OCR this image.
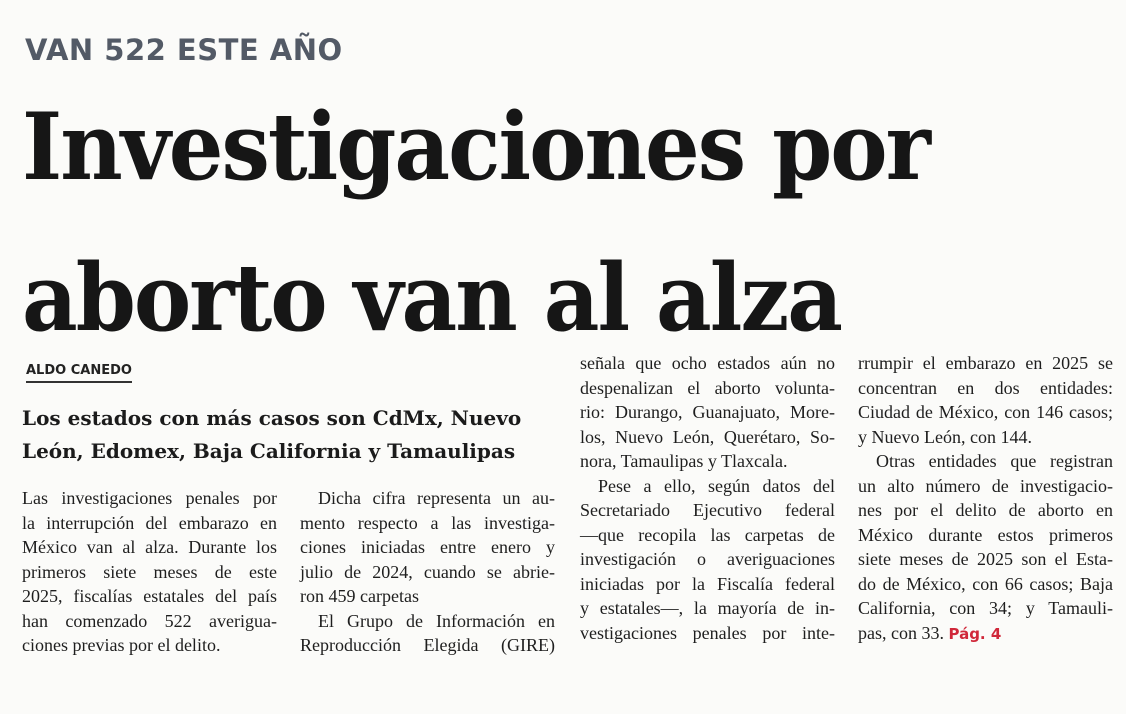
VAN 522 ESTE AÑO
Investigaciones por
aborto van al alza
ALDO CANEDO
Los estados con más casos son CdMx, Nuevo
León, Edomex, Baja California y Tamaulipas
Las investigaciones penales por
la interrupción del embarazo en
México van al alza. Durante los
primeros siete meses de este
2025, fiscalías estatales del país
han comenzado 522 averigua-
ciones previas por el delito.
Dicha cifra representa un au-
mento respecto a las investiga-
ciones iniciadas entre enero y
julio de 2024, cuando se abrie-
ron 459 carpetas
El Grupo de Información en
Reproducción Elegida (GIRE)
señala que ocho estados aún no
despenalizan el aborto volunta-
rio: Durango, Guanajuato, More-
los, Nuevo León, Querétaro, So-
nora, Tamaulipas y Tlaxcala.
Pese a ello, según datos del
Secretariado Ejecutivo federal
—que recopila las carpetas de
investigación o averiguaciones
iniciadas por la Fiscalía federal
y estatales—, la mayoría de in-
vestigaciones penales por inte-
rrumpir el embarazo en 2025 se
concentran en dos entidades:
Ciudad de México, con 146 casos;
y Nuevo León, con 144.
Otras entidades que registran
un alto número de investigacio-
nes por el delito de aborto en
México durante estos primeros
siete meses de 2025 son el Esta-
do de México, con 66 casos; Baja
California, con 34; y Tamauli-
pas, con 33. Pág. 4
